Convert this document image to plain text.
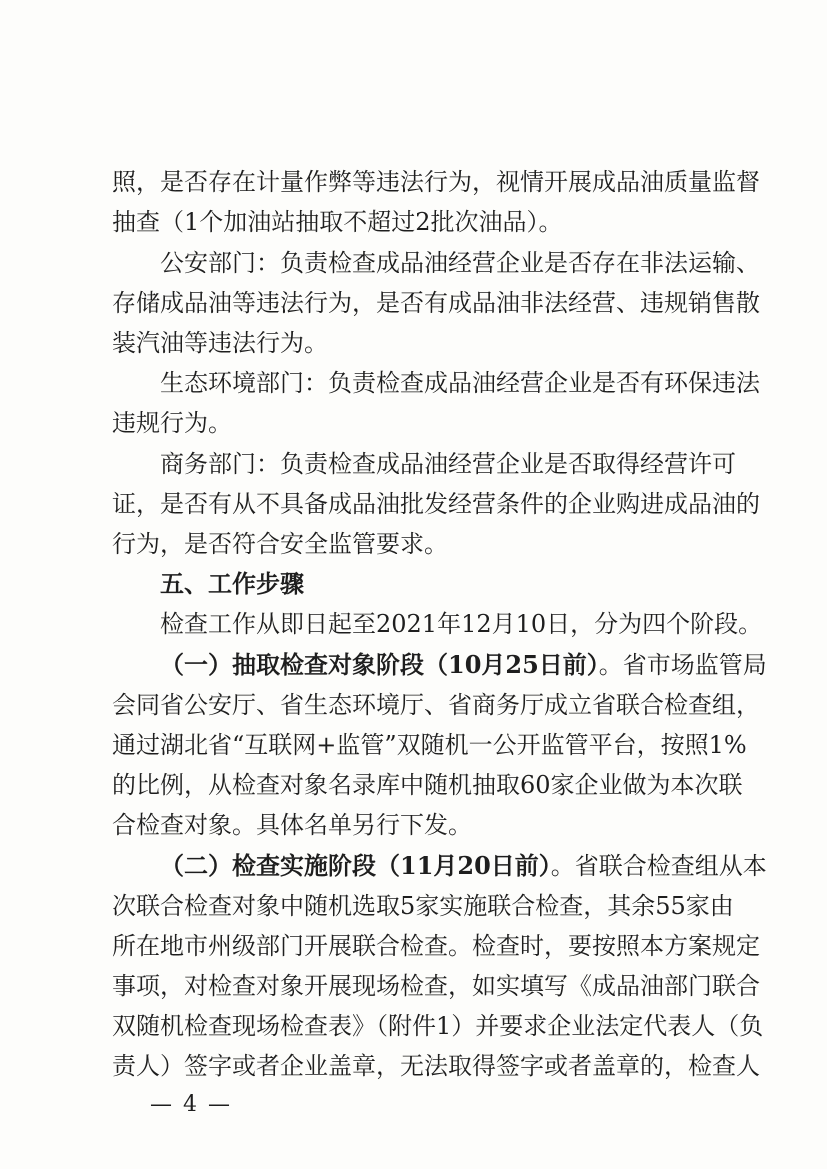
照，是否存在计量作弊等违法行为，视情开展成品油质量监督
抽查（1个加油站抽取不超过2批次油品）。
公安部门：负责检查成品油经营企业是否存在非法运输、
存储成品油等违法行为，是否有成品油非法经营、违规销售散
装汽油等违法行为。
生态环境部门：负责检查成品油经营企业是否有环保违法
违规行为。
商务部门：负责检查成品油经营企业是否取得经营许可
证，是否有从不具备成品油批发经营条件的企业购进成品油的
行为，是否符合安全监管要求。
五、工作步骤
检查工作从即日起至2021年12月10日，分为四个阶段。
（一）抽取检查对象阶段（10月25日前）。省市场监管局
会同省公安厅、省生态环境厅、省商务厅成立省联合检查组，
通过湖北省“互联网+监管”双随机一公开监管平台，按照1%
的比例，从检查对象名录库中随机抽取60家企业做为本次联
合检查对象。具体名单另行下发。
（二）检查实施阶段（11月20日前）。省联合检查组从本
次联合检查对象中随机选取5家实施联合检查，其余55家由
所在地市州级部门开展联合检查。检查时，要按照本方案规定
事项，对检查对象开展现场检查，如实填写《成品油部门联合
双随机检查现场检查表》（附件1）并要求企业法定代表人（负
责人）签字或者企业盖章，无法取得签字或者盖章的，检查人
— 4 —
